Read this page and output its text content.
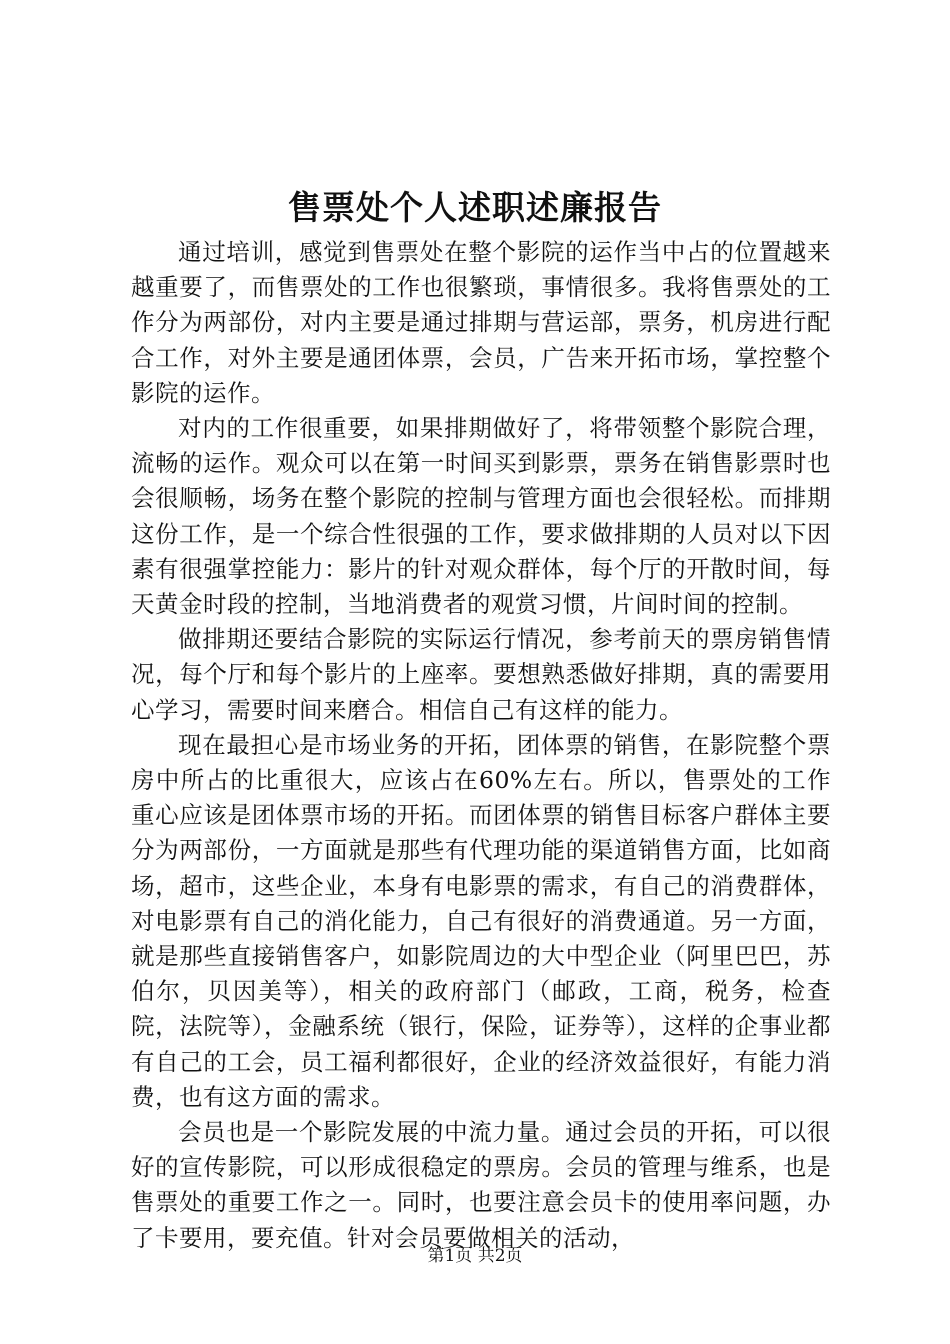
售票处个人述职述廉报告

通过培训，感觉到售票处在整个影院的运作当中占的位置越来越重要了，而售票处的工作也很繁琐，事情很多。我将售票处的工作分为两部份，对内主要是通过排期与营运部，票务，机房进行配合工作，对外主要是通团体票，会员，广告来开拓市场，掌控整个影院的运作。

对内的工作很重要，如果排期做好了，将带领整个影院合理，流畅的运作。观众可以在第一时间买到影票，票务在销售影票时也会很顺畅，场务在整个影院的控制与管理方面也会很轻松。而排期这份工作，是一个综合性很强的工作，要求做排期的人员对以下因素有很强掌控能力：影片的针对观众群体，每个厅的开散时间，每天黄金时段的控制，当地消费者的观赏习惯，片间时间的控制。

做排期还要结合影院的实际运行情况，参考前天的票房销售情况，每个厅和每个影片的上座率。要想熟悉做好排期，真的需要用心学习，需要时间来磨合。相信自己有这样的能力。

现在最担心是市场业务的开拓，团体票的销售，在影院整个票房中所占的比重很大，应该占在60%左右。所以，售票处的工作重心应该是团体票市场的开拓。而团体票的销售目标客户群体主要分为两部份，一方面就是那些有代理功能的渠道销售方面，比如商场，超市，这些企业，本身有电影票的需求，有自己的消费群体，对电影票有自己的消化能力，自己有很好的消费通道。另一方面，就是那些直接销售客户，如影院周边的大中型企业（阿里巴巴，苏伯尔，贝因美等），相关的政府部门（邮政，工商，税务，检查院，法院等），金融系统（银行，保险，证券等），这样的企事业都有自己的工会，员工福利都很好，企业的经济效益很好，有能力消费，也有这方面的需求。

会员也是一个影院发展的中流力量。通过会员的开拓，可以很好的宣传影院，可以形成很稳定的票房。会员的管理与维系，也是售票处的重要工作之一。同时，也要注意会员卡的使用率问题，办了卡要用，要充值。针对会员要做相关的活动，

第1页 共2页
